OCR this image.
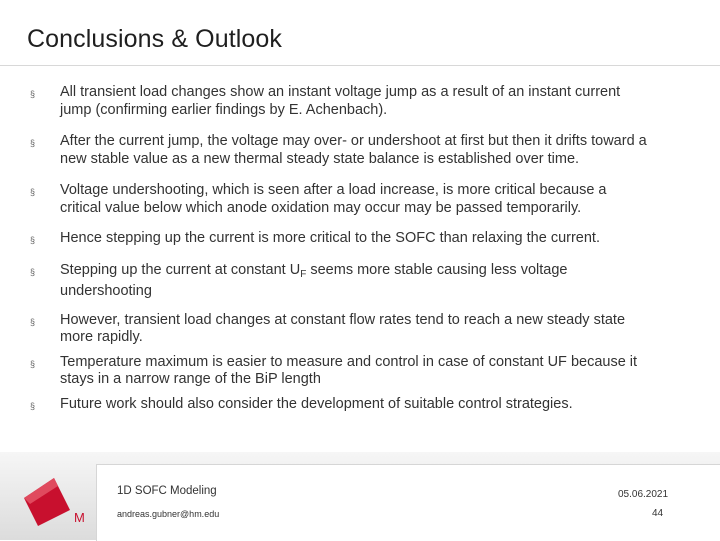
Conclusions & Outlook
§ All transient load changes show an instant voltage jump as a result of an instant current jump (confirming earlier findings by E. Achenbach).
§ After the current jump, the voltage may over- or undershoot at first but then it drifts toward a new stable value as a new thermal steady state balance is established over time.
§ Voltage undershooting, which is seen after a load increase, is more critical because a critical value below which anode oxidation may occur may be passed temporarily.
§ Hence stepping up the current is more critical to the SOFC than relaxing the current.
§ Stepping up the current at constant $U_F$ seems more stable causing less voltage undershooting
§ However, transient load changes at constant flow rates tend to reach a new steady state more rapidly.
§ Temperature maximum is easier to measure and control in case of constant UF because it stays in a narrow range of the BiP length
§ Future work should also consider the development of suitable control strategies.
M
1D SOFC Modeling
andreas.gubner@hm.edu
05.06.2021
44
